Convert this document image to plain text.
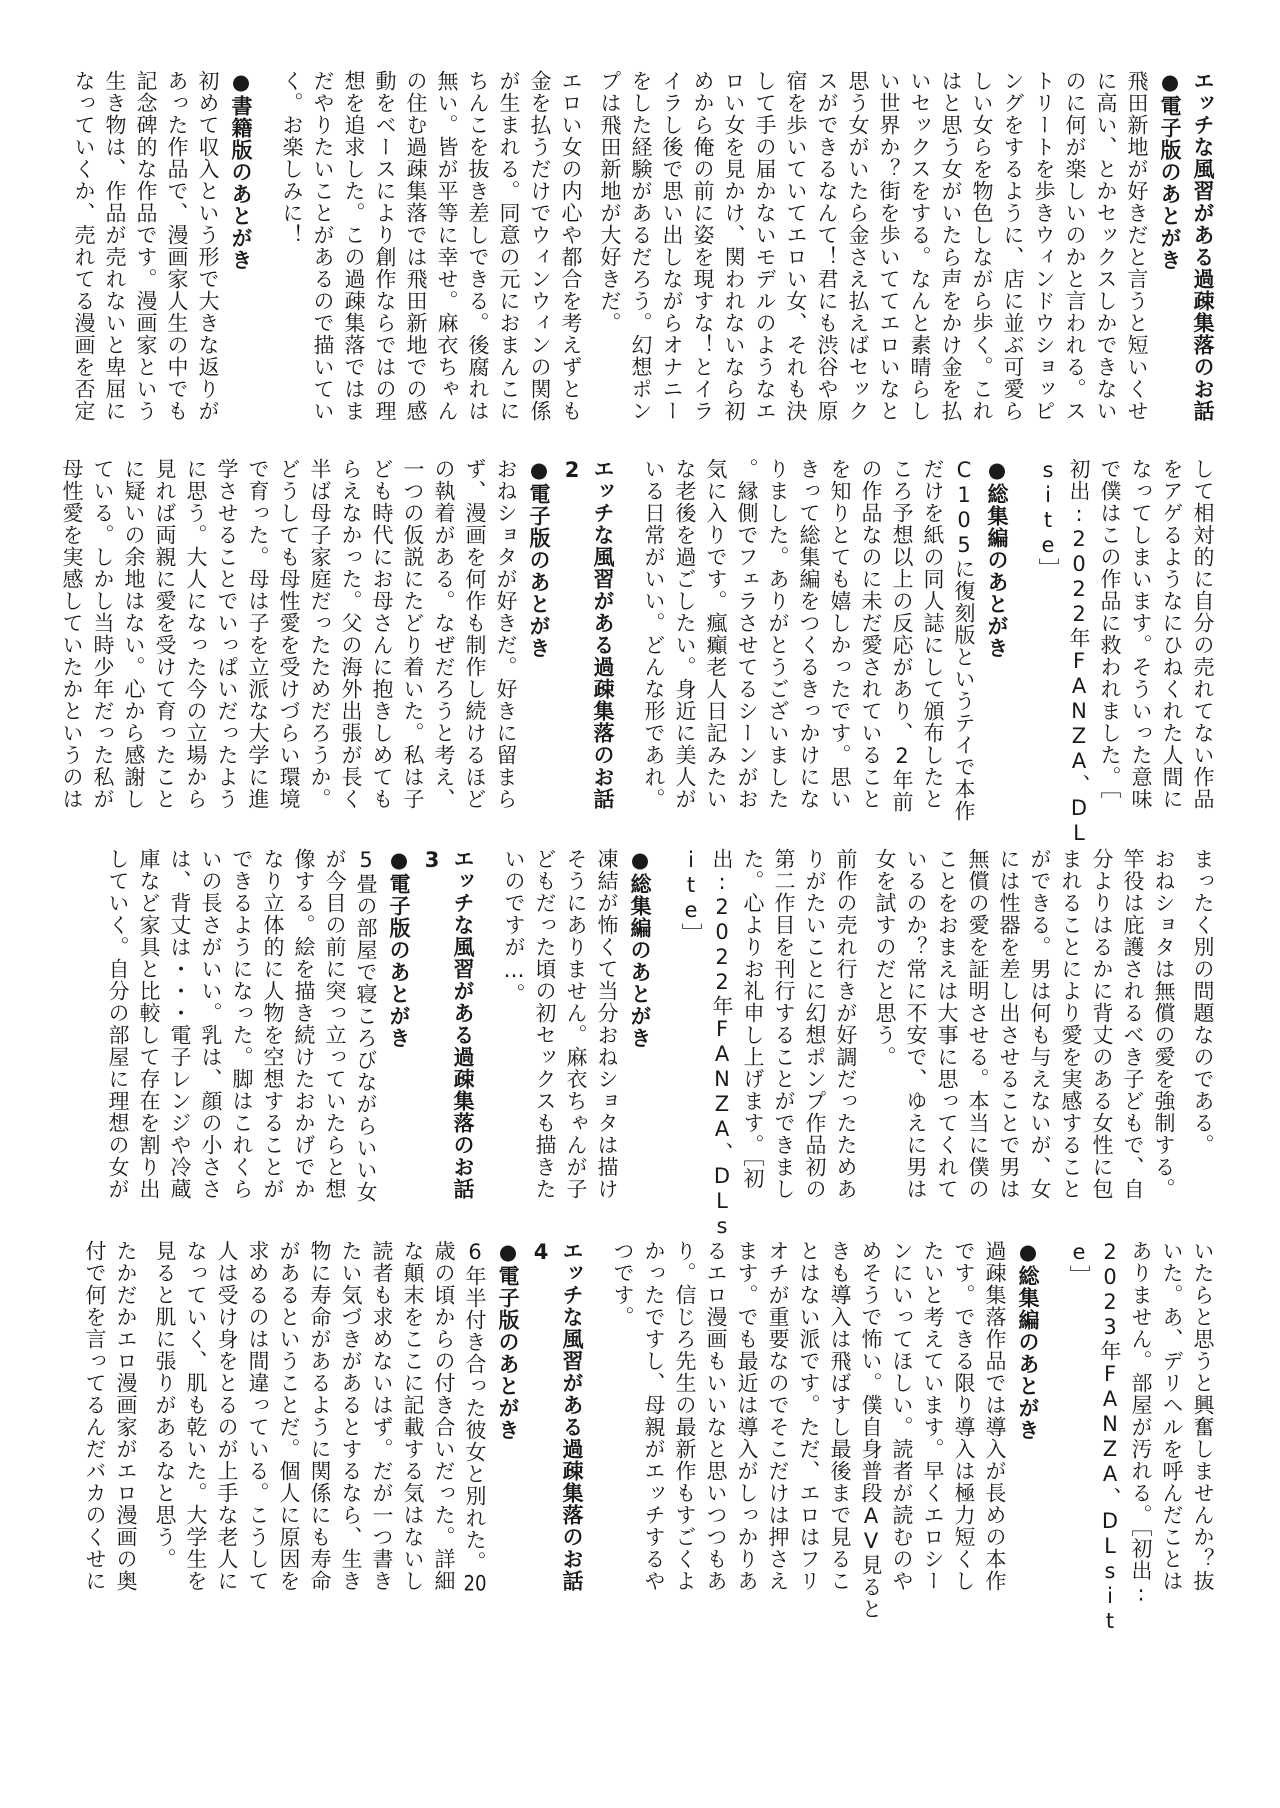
エッチな風習がある過疎集落のお話
●電子版のあとがき
飛田新地が好きだと言うと短いくせ
に高い、とかセックスしかできない
のに何が楽しいのかと言われる。ス
トリートを歩きウィンドウショッピ
ングをするように、店に並ぶ可愛ら
しい女らを物色しながら歩く。これ
はと思う女がいたら声をかけ金を払
いセックスをする。なんと素晴らし
い世界か？街を歩いててエロいなと
思う女がいたら金さえ払えばセック
スができるなんて！君にも渋谷や原
宿を歩いていてエロい女、それも決
して手の届かないモデルのようなエ
ロい女を見かけ、関われないなら初
めから俺の前に姿を現すな！とイラ
イラし後で思い出しながらオナニー
をした経験があるだろう。幻想ポン
プは飛田新地が大好きだ。
エロい女の内心や都合を考えずとも
金を払うだけでウィンウィンの関係
が生まれる。同意の元におまんこに
ちんこを抜き差しできる。後腐れは
無い。皆が平等に幸せ。麻衣ちゃん
の住む過疎集落では飛田新地での感
動をベースにより創作ならではの理
想を追求した。この過疎集落ではま
だやりたいことがあるので描いてい
く。お楽しみに！
●書籍版のあとがき
初めて収入という形で大きな返りが
あった作品で、漫画家人生の中でも
記念碑的な作品です。漫画家という
生き物は、作品が売れないと卑屈に
なっていくか、売れてる漫画を否定
して相対的に自分の売れてない作品
をアゲるようなにひねくれた人間に
なってしまいます。そういった意味
で僕はこの作品に救われました。［
初出:2022年FANZA、DL
site］
●総集編のあとがき
C105に復刻版というテイで本作
だけを紙の同人誌にして頒布したと
ころ予想以上の反応があり、2年前
の作品なのに未だ愛されていること
を知りとても嬉しかったです。思い
きって総集編をつくるきっかけにな
りました。ありがとうございました
。縁側でフェラさせてるシーンがお
気に入りです。瘋癲老人日記みたい
な老後を過ごしたい。身近に美人が
いる日常がいい。どんな形であれ。
エッチな風習がある過疎集落のお話
2
●電子版のあとがき
おねショタが好きだ。好きに留まら
ず、漫画を何作も制作し続けるほど
の執着がある。なぜだろうと考え、
一つの仮説にたどり着いた。私は子
ども時代にお母さんに抱きしめても
らえなかった。父の海外出張が長く
半ば母子家庭だったためだろうか。
どうしても母性愛を受けづらい環境
で育った。母は子を立派な大学に進
学させることでいっぱいだったよう
に思う。大人になった今の立場から
見れば両親に愛を受けて育ったこと
に疑いの余地はない。心から感謝し
ている。しかし当時少年だった私が
母性愛を実感していたかというのは
まったく別の問題なのである。
おねショタは無償の愛を強制する。
竿役は庇護されるべき子どもで、自
分よりはるかに背丈のある女性に包
まれることにより愛を実感すること
ができる。男は何も与えないが、女
には性器を差し出させることで男は
無償の愛を証明させる。本当に僕の
ことをおまえは大事に思ってくれて
いるのか？常に不安で、ゆえに男は
女を試すのだと思う。
前作の売れ行きが好調だったためあ
りがたいことに幻想ポンプ作品初の
第二作目を刊行することができまし
た。心よりお礼申し上げます。［初
出:2022年FANZA、DLs
ite］
●総集編のあとがき
凍結が怖くて当分おねショタは描け
そうにありません。麻衣ちゃんが子
どもだった頃の初セックスも描きた
いのですが…。
エッチな風習がある過疎集落のお話
3
●電子版のあとがき
5畳の部屋で寝ころびながらいい女
が今目の前に突っ立っていたらと想
像する。絵を描き続けたおかげでか
なり立体的に人物を空想することが
できるようになった。脚はこれくら
いの長さがいい。乳は、顔の小ささ
は、背丈は・・・電子レンジや冷蔵
庫など家具と比較して存在を割り出
していく。自分の部屋に理想の女が
いたらと思うと興奮しませんか？抜
いた。あ、デリヘルを呼んだことは
ありません。部屋が汚れる。［初出:
2023年FANZA、DLsit
e］
●総集編のあとがき
過疎集落作品では導入が長めの本作
です。できる限り導入は極力短くし
たいと考えています。早くエロシー
ンにいってほしい。読者が読むのや
めそうで怖い。僕自身普段AV見ると
きも導入は飛ばすし最後まで見るこ
とはない派です。ただ、エロはフリ
オチが重要なのでそこだけは押さえ
ます。でも最近は導入がしっかりあ
るエロ漫画もいいなと思いつつもあ
り。信じろ先生の最新作もすごくよ
かったですし、母親がエッチするや
つです。
エッチな風習がある過疎集落のお話
4
●電子版のあとがき
6年半付き合った彼女と別れた。20
歳の頃からの付き合いだった。詳細
な顛末をここに記載する気はないし
読者も求めないはず。だが一つ書き
たい気づきがあるとするなら、生き
物に寿命があるように関係にも寿命
があるということだ。個人に原因を
求めるのは間違っている。こうして
人は受け身をとるのが上手な老人に
なっていく、肌も乾いた。大学生を
見ると肌に張りがあるなと思う。
たかだかエロ漫画家がエロ漫画の奥
付で何を言ってるんだバカのくせに
